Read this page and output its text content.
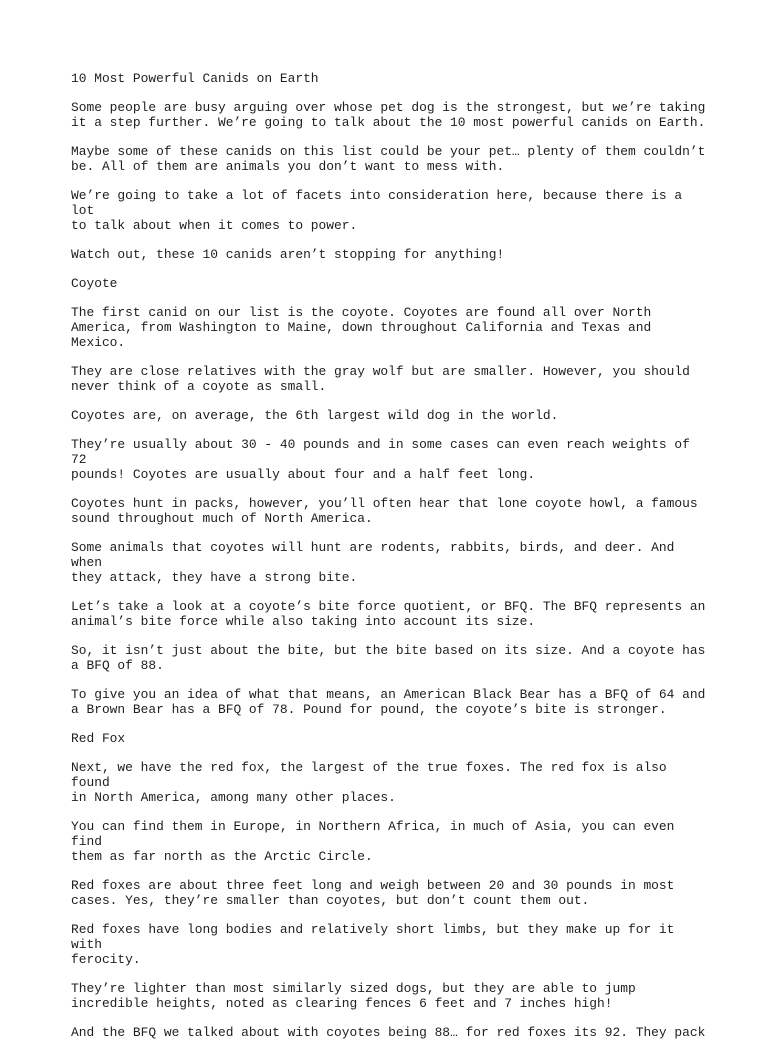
10 Most Powerful Canids on Earth

Some people are busy arguing over whose pet dog is the strongest, but we’re taking
it a step further. We’re going to talk about the 10 most powerful canids on Earth.

Maybe some of these canids on this list could be your pet… plenty of them couldn’t
be. All of them are animals you don’t want to mess with.

We’re going to take a lot of facets into consideration here, because there is a lot
to talk about when it comes to power.

Watch out, these 10 canids aren’t stopping for anything!

Coyote

The first canid on our list is the coyote. Coyotes are found all over North
America, from Washington to Maine, down throughout California and Texas and Mexico.

They are close relatives with the gray wolf but are smaller. However, you should
never think of a coyote as small.

Coyotes are, on average, the 6th largest wild dog in the world.

They’re usually about 30 - 40 pounds and in some cases can even reach weights of 72
pounds! Coyotes are usually about four and a half feet long.

Coyotes hunt in packs, however, you’ll often hear that lone coyote howl, a famous
sound throughout much of North America.

Some animals that coyotes will hunt are rodents, rabbits, birds, and deer. And when
they attack, they have a strong bite.

Let’s take a look at a coyote’s bite force quotient, or BFQ. The BFQ represents an
animal’s bite force while also taking into account its size.

So, it isn’t just about the bite, but the bite based on its size. And a coyote has
a BFQ of 88.

To give you an idea of what that means, an American Black Bear has a BFQ of 64 and
a Brown Bear has a BFQ of 78. Pound for pound, the coyote’s bite is stronger.

Red Fox

Next, we have the red fox, the largest of the true foxes. The red fox is also found
in North America, among many other places.

You can find them in Europe, in Northern Africa, in much of Asia, you can even find
them as far north as the Arctic Circle.

Red foxes are about three feet long and weigh between 20 and 30 pounds in most
cases. Yes, they’re smaller than coyotes, but don’t count them out.

Red foxes have long bodies and relatively short limbs, but they make up for it with
ferocity.

They’re lighter than most similarly sized dogs, but they are able to jump
incredible heights, noted as clearing fences 6 feet and 7 inches high!

And the BFQ we talked about with coyotes being 88… for red foxes its 92. They pack
